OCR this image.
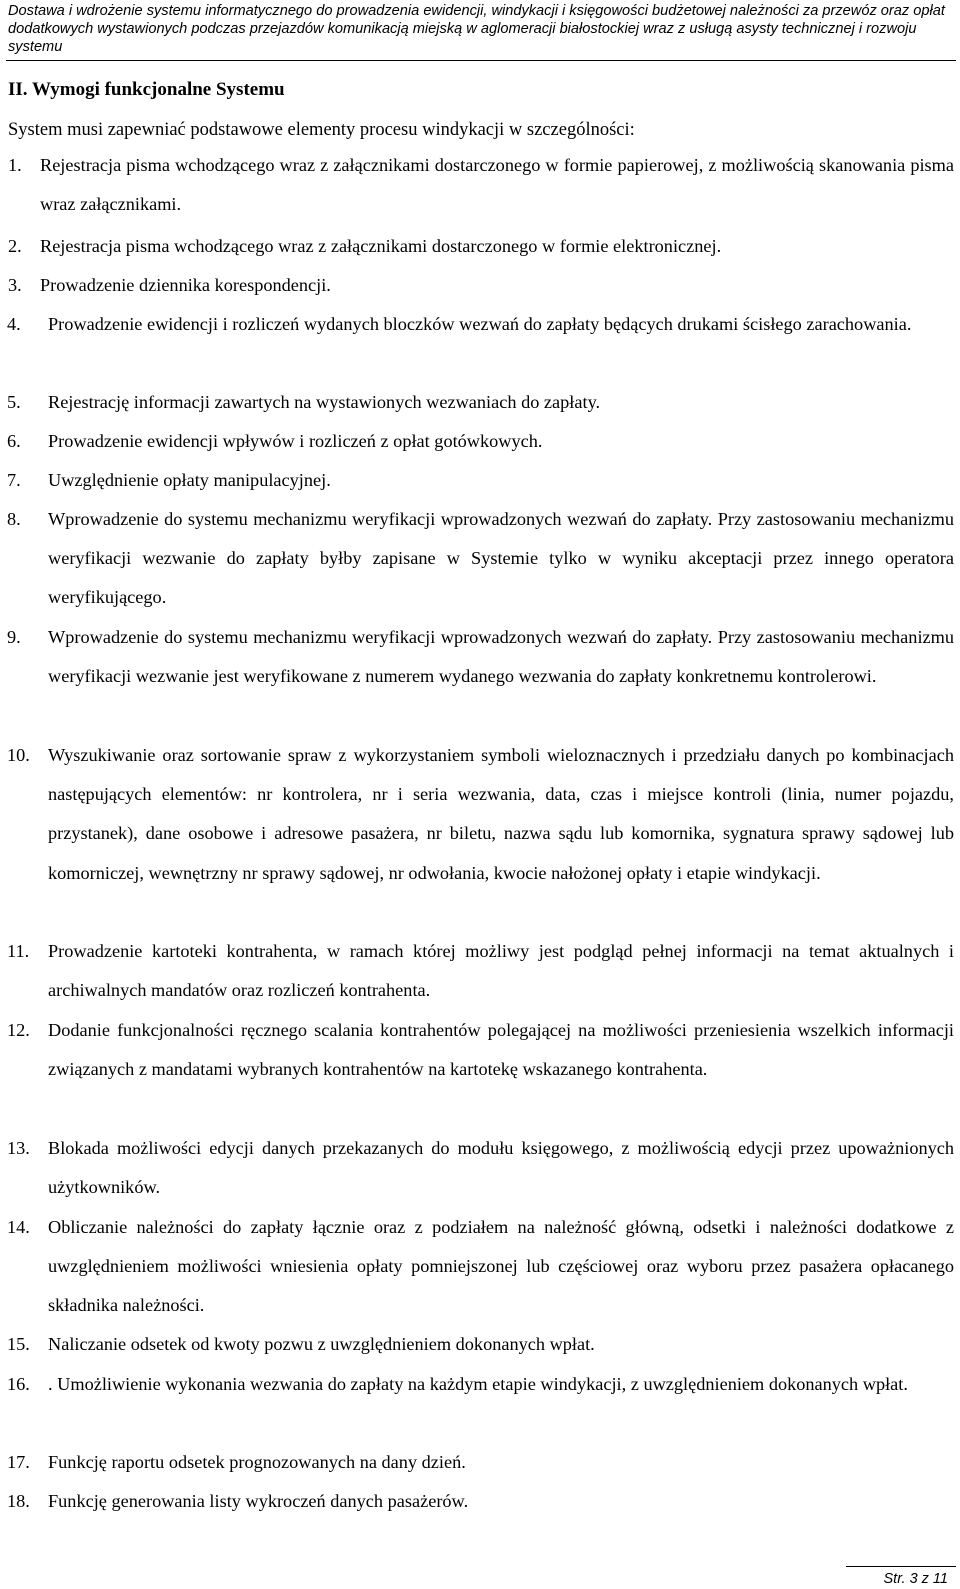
Dostawa i wdrożenie systemu informatycznego do prowadzenia ewidencji, windykacji i księgowości budżetowej należności za przewóz oraz opłat dodatkowych wystawionych podczas przejazdów komunikacją miejską w aglomeracji białostockiej wraz z usługą asysty technicznej i rozwoju systemu
II. Wymogi funkcjonalne Systemu
System musi zapewniać podstawowe elementy procesu windykacji w szczególności:
1. Rejestracja pisma wchodzącego wraz z załącznikami dostarczonego w formie papierowej, z możliwością skanowania pisma wraz załącznikami.
2. Rejestracja pisma wchodzącego wraz z załącznikami dostarczonego w formie elektronicznej.
3. Prowadzenie dziennika korespondencji.
4.	Prowadzenie ewidencji i rozliczeń wydanych bloczków wezwań do zapłaty będących drukami ścisłego zarachowania.
5.	Rejestrację informacji zawartych na wystawionych wezwaniach do zapłaty.
6.	Prowadzenie ewidencji wpływów i rozliczeń z opłat gotówkowych.
7.	Uwzględnienie opłaty manipulacyjnej.
8.	Wprowadzenie do systemu mechanizmu weryfikacji wprowadzonych wezwań do zapłaty. Przy zastosowaniu mechanizmu weryfikacji wezwanie do zapłaty byłby zapisane w Systemie tylko w wyniku akceptacji przez innego operatora weryfikującego.
9.	Wprowadzenie do systemu mechanizmu weryfikacji wprowadzonych wezwań do zapłaty. Przy zastosowaniu mechanizmu weryfikacji wezwanie jest weryfikowane z numerem wydanego wezwania do zapłaty konkretnemu kontrolerowi.
10. Wyszukiwanie oraz sortowanie spraw z wykorzystaniem symboli wieloznacznych i przedziału danych po kombinacjach następujących elementów: nr kontrolera, nr i seria wezwania, data, czas i miejsce kontroli (linia, numer pojazdu, przystanek), dane osobowe i adresowe pasażera, nr biletu, nazwa sądu lub komornika, sygnatura sprawy sądowej lub komorniczej, wewnętrzny nr sprawy sądowej, nr odwołania, kwocie nałożonej opłaty i etapie windykacji.
11.	Prowadzenie kartoteki kontrahenta, w ramach której możliwy jest podgląd pełnej informacji na temat aktualnych i archiwalnych mandatów oraz rozliczeń kontrahenta.
12. Dodanie funkcjonalności ręcznego scalania kontrahentów polegającej na możliwości przeniesienia wszelkich informacji związanych z mandatami wybranych kontrahentów na kartotekę wskazanego kontrahenta.
13. Blokada możliwości edycji danych przekazanych do modułu księgowego, z możliwością edycji przez upoważnionych użytkowników.
14. Obliczanie należności do zapłaty łącznie oraz z podziałem na należność główną, odsetki i należności dodatkowe z uwzględnieniem możliwości wniesienia opłaty pomniejszonej lub częściowej oraz wyboru przez pasażera opłacanego składnika należności.
15. Naliczanie odsetek od kwoty pozwu z uwzględnieniem dokonanych wpłat.
16. . Umożliwienie wykonania wezwania do zapłaty na każdym etapie windykacji, z uwzględnieniem dokonanych wpłat.
17. Funkcję raportu odsetek prognozowanych na dany dzień.
18. Funkcję generowania listy wykroczeń danych pasażerów.
Str. 3 z 11
